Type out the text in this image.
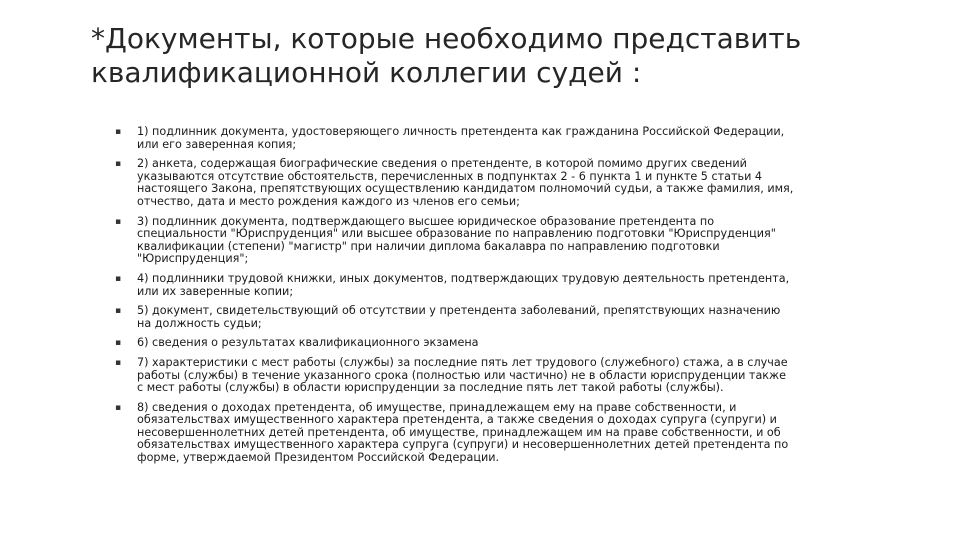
*Документы, которые необходимо представить
квалификационной коллегии судей :
▪ 1) подлинник документа, удостоверяющего личность претендента как гражданина Российской Федерации, или его заверенная копия;
▪ 2) анкета, содержащая биографические сведения о претенденте, в которой помимо других сведений указываются отсутствие обстоятельств, перечисленных в подпунктах 2 - 6 пункта 1 и пункте 5 статьи 4 настоящего Закона, препятствующих осуществлению кандидатом полномочий судьи, а также фамилия, имя, отчество, дата и место рождения каждого из членов его семьи;
▪ 3) подлинник документа, подтверждающего высшее юридическое образование претендента по специальности "Юриспруденция" или высшее образование по направлению подготовки "Юриспруденция" квалификации (степени) "магистр" при наличии диплома бакалавра по направлению подготовки "Юриспруденция";
▪ 4) подлинники трудовой книжки, иных документов, подтверждающих трудовую деятельность претендента, или их заверенные копии;
▪ 5) документ, свидетельствующий об отсутствии у претендента заболеваний, препятствующих назначению на должность судьи;
▪ 6) сведения о результатах квалификационного экзамена
▪ 7) характеристики с мест работы (службы) за последние пять лет трудового (служебного) стажа, а в случае работы (службы) в течение указанного срока (полностью или частично) не в области юриспруденции также с мест работы (службы) в области юриспруденции за последние пять лет такой работы (службы).
▪ 8) сведения о доходах претендента, об имуществе, принадлежащем ему на праве собственности, и обязательствах имущественного характера претендента, а также сведения о доходах супруга (супруги) и несовершеннолетних детей претендента, об имуществе, принадлежащем им на праве собственности, и об обязательствах имущественного характера супруга (супруги) и несовершеннолетних детей претендента по форме, утверждаемой Президентом Российской Федерации.
